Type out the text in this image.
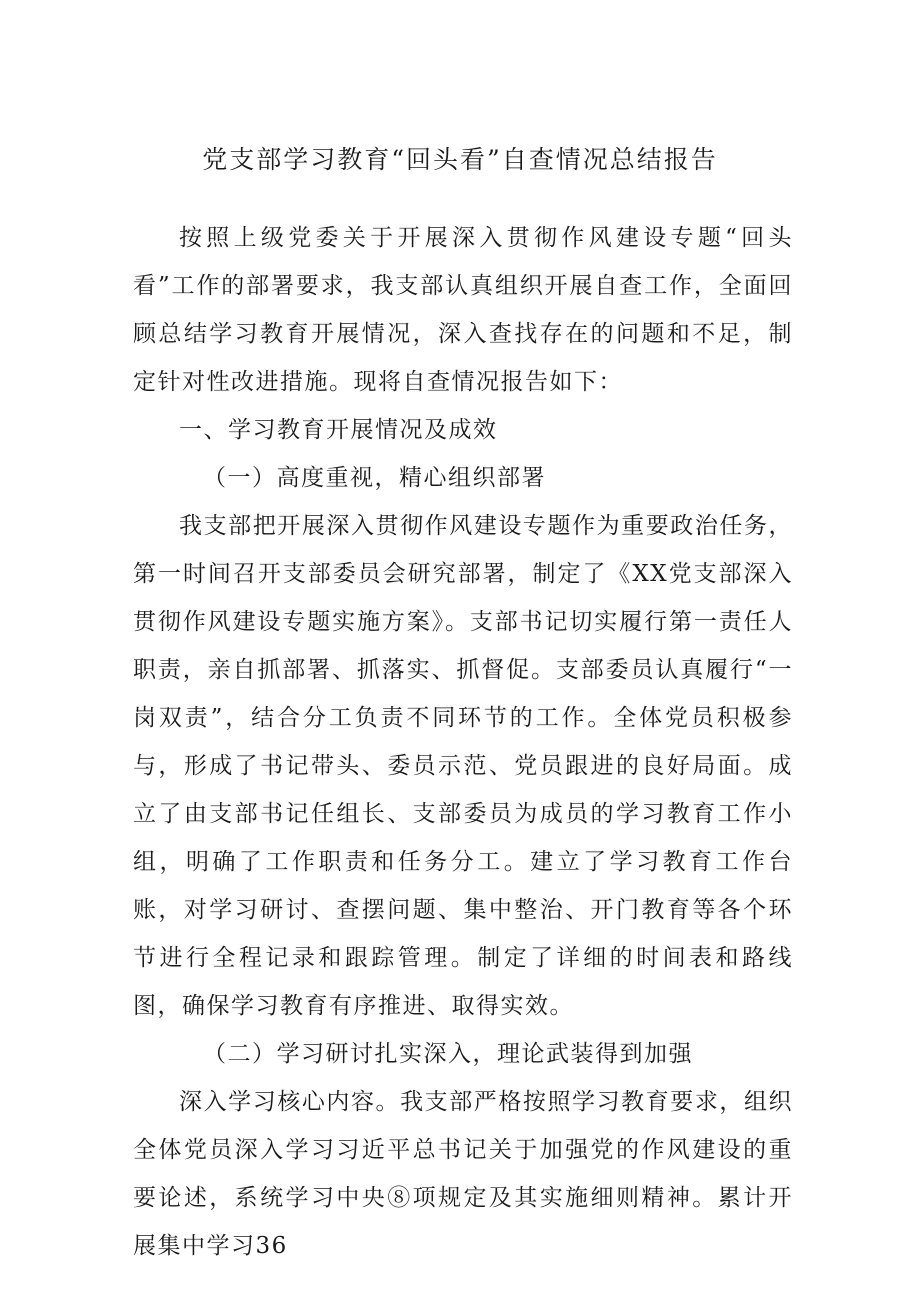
党支部学习教育“回头看”自查情况总结报告

按照上级党委关于开展深入贯彻作风建设专题“回头看”工作的部署要求，我支部认真组织开展自查工作，全面回顾总结学习教育开展情况，深入查找存在的问题和不足，制定针对性改进措施。现将自查情况报告如下：

一、学习教育开展情况及成效

（一）高度重视，精心组织部署

我支部把开展深入贯彻作风建设专题作为重要政治任务，第一时间召开支部委员会研究部署，制定了《XX党支部深入贯彻作风建设专题实施方案》。支部书记切实履行第一责任人职责，亲自抓部署、抓落实、抓督促。支部委员认真履行“一岗双责”，结合分工负责不同环节的工作。全体党员积极参与，形成了书记带头、委员示范、党员跟进的良好局面。成立了由支部书记任组长、支部委员为成员的学习教育工作小组，明确了工作职责和任务分工。建立了学习教育工作台账，对学习研讨、查摆问题、集中整治、开门教育等各个环节进行全程记录和跟踪管理。制定了详细的时间表和路线图，确保学习教育有序推进、取得实效。

（二）学习研讨扎实深入，理论武装得到加强

深入学习核心内容。我支部严格按照学习教育要求，组织全体党员深入学习习近平总书记关于加强党的作风建设的重要论述，系统学习中央⑧项规定及其实施细则精神。累计开展集中学习36
